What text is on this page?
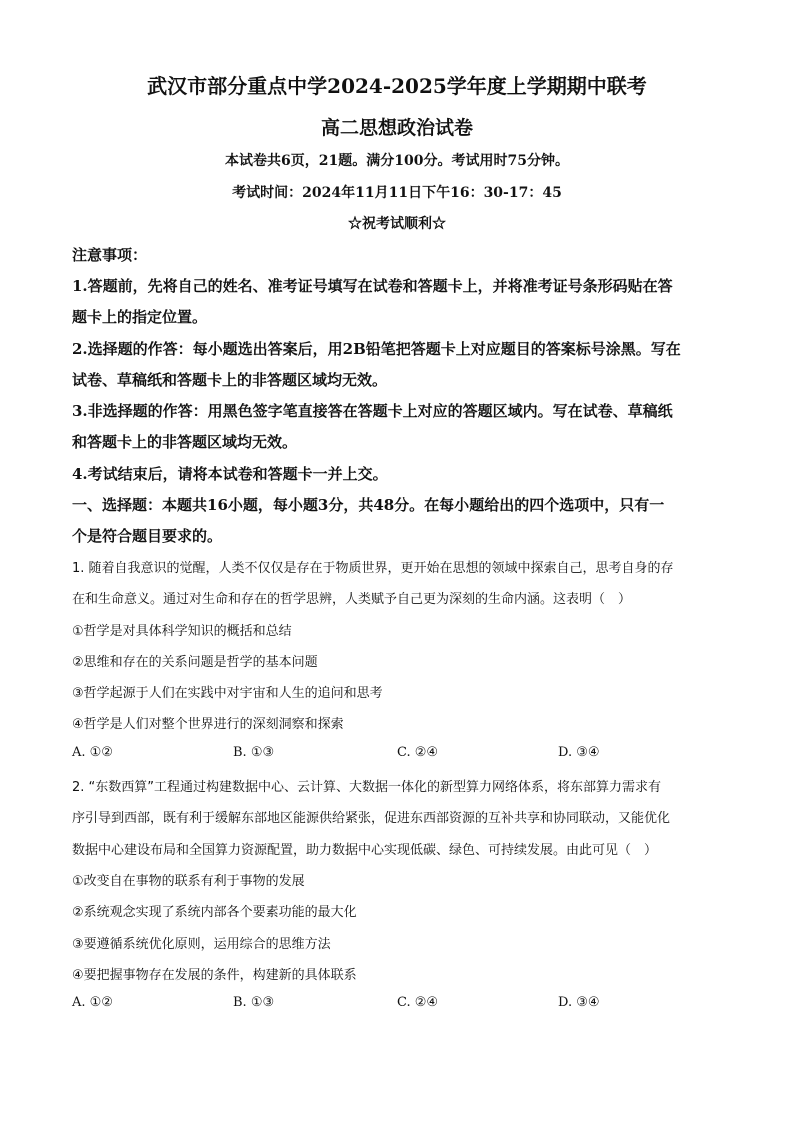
武汉市部分重点中学2024-2025学年度上学期期中联考
高二思想政治试卷
本试卷共6页，21题。满分100分。考试用时75分钟。
考试时间：2024年11月11日下午16：30-17：45
☆祝考试顺利☆
注意事项：
1.答题前，先将自己的姓名、准考证号填写在试卷和答题卡上，并将准考证号条形码贴在答
题卡上的指定位置。
2.选择题的作答：每小题选出答案后，用2B铅笔把答题卡上对应题目的答案标号涂黑。写在
试卷、草稿纸和答题卡上的非答题区域均无效。
3.非选择题的作答：用黑色签字笔直接答在答题卡上对应的答题区域内。写在试卷、草稿纸
和答题卡上的非答题区域均无效。
4.考试结束后，请将本试卷和答题卡一并上交。
一、选择题：本题共16小题，每小题3分，共48分。在每小题给出的四个选项中，只有一
个是符合题目要求的。
1. 随着自我意识的觉醒，人类不仅仅是存在于物质世界，更开始在思想的领域中探索自己，思考自身的存
在和生命意义。通过对生命和存在的哲学思辨，人类赋予自己更为深刻的生命内涵。这表明（　）
①哲学是对具体科学知识的概括和总结
②思维和存在的关系问题是哲学的基本问题
③哲学起源于人们在实践中对宇宙和人生的追问和思考
④哲学是人们对整个世界进行的深刻洞察和探索
A. ①②	B. ①③	C. ②④	D. ③④
2. “东数西算”工程通过构建数据中心、云计算、大数据一体化的新型算力网络体系，将东部算力需求有
序引导到西部，既有利于缓解东部地区能源供给紧张，促进东西部资源的互补共享和协同联动，又能优化
数据中心建设布局和全国算力资源配置，助力数据中心实现低碳、绿色、可持续发展。由此可见（　）
①改变自在事物的联系有利于事物的发展
②系统观念实现了系统内部各个要素功能的最大化
③要遵循系统优化原则，运用综合的思维方法
④要把握事物存在发展的条件，构建新的具体联系
A. ①②	B. ①③	C. ②④	D. ③④
